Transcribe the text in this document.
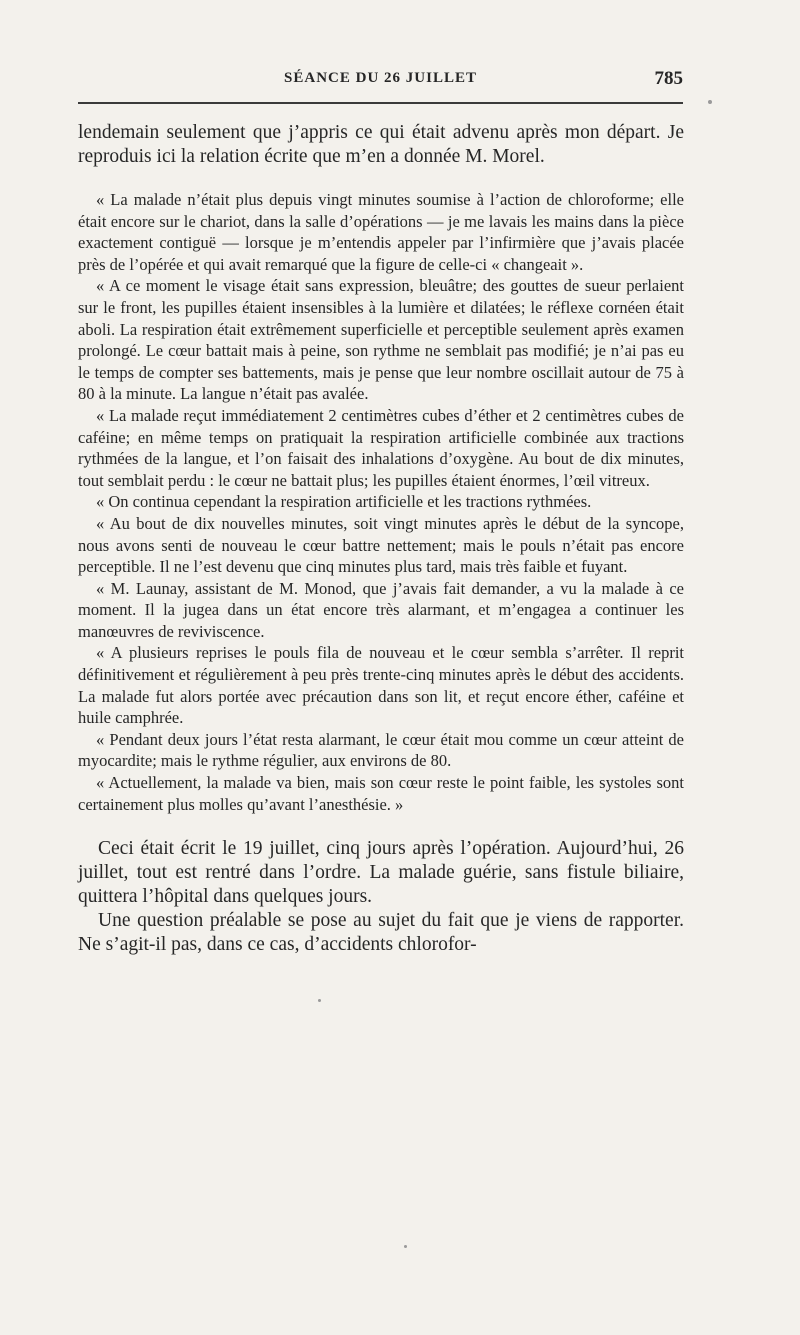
SÉANCE DU 26 JUILLET	785

lendemain seulement que j’appris ce qui était advenu après mon départ. Je reproduis ici la relation écrite que m’en a donnée M. Morel.

« La malade n’était plus depuis vingt minutes soumise à l’action de chloroforme; elle était encore sur le chariot, dans la salle d’opérations — je me lavais les mains dans la pièce exactement contiguë — lorsque je m’entendis appeler par l’infirmière que j’avais placée près de l’opérée et qui avait remarqué que la figure de celle-ci « changeait ».

« A ce moment le visage était sans expression, bleuâtre; des gouttes de sueur perlaient sur le front, les pupilles étaient insensibles à la lumière et dilatées; le réflexe cornéen était aboli. La respiration était extrêmement superficielle et perceptible seulement après examen prolongé. Le cœur battait mais à peine, son rythme ne semblait pas modifié; je n’ai pas eu le temps de compter ses battements, mais je pense que leur nombre oscillait autour de 75 à 80 à la minute. La langue n’était pas avalée.

« La malade reçut immédiatement 2 centimètres cubes d’éther et 2 centimètres cubes de caféine; en même temps on pratiquait la respiration artificielle combinée aux tractions rythmées de la langue, et l’on faisait des inhalations d’oxygène. Au bout de dix minutes, tout semblait perdu : le cœur ne battait plus; les pupilles étaient énormes, l’œil vitreux.

« On continua cependant la respiration artificielle et les tractions rythmées.

« Au bout de dix nouvelles minutes, soit vingt minutes après le début de la syncope, nous avons senti de nouveau le cœur battre nettement; mais le pouls n’était pas encore perceptible. Il ne l’est devenu que cinq minutes plus tard, mais très faible et fuyant.

« M. Launay, assistant de M. Monod, que j’avais fait demander, a vu la malade à ce moment. Il la jugea dans un état encore très alarmant, et m’engagea a continuer les manœuvres de reviviscence.

« A plusieurs reprises le pouls fila de nouveau et le cœur sembla s’arrêter. Il reprit définitivement et régulièrement à peu près trente-cinq minutes après le début des accidents. La malade fut alors portée avec précaution dans son lit, et reçut encore éther, caféine et huile camphrée.

« Pendant deux jours l’état resta alarmant, le cœur était mou comme un cœur atteint de myocardite; mais le rythme régulier, aux environs de 80.

« Actuellement, la malade va bien, mais son cœur reste le point faible, les systoles sont certainement plus molles qu’avant l’anesthésie. »

Ceci était écrit le 19 juillet, cinq jours après l’opération. Aujourd’hui, 26 juillet, tout est rentré dans l’ordre. La malade guérie, sans fistule biliaire, quittera l’hôpital dans quelques jours.

Une question préalable se pose au sujet du fait que je viens de rapporter. Ne s’agit-il pas, dans ce cas, d’accidents chlorofor-
